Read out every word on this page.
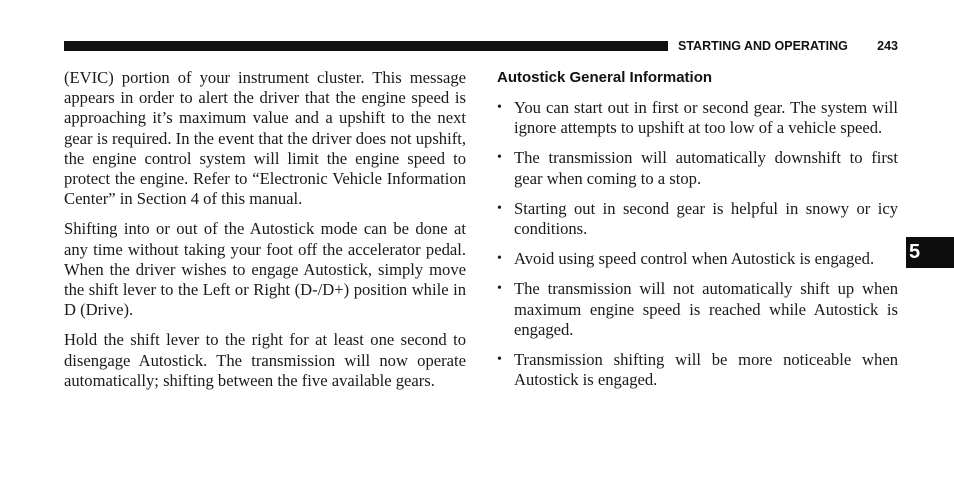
STARTING AND OPERATING 243

(EVIC) portion of your instrument cluster. This message appears in order to alert the driver that the engine speed is approaching it’s maximum value and a upshift to the next gear is required. In the event that the driver does not upshift, the engine control system will limit the engine speed to protect the engine. Refer to “Electronic Vehicle Information Center” in Section 4 of this manual.

Shifting into or out of the Autostick mode can be done at any time without taking your foot off the accelerator pedal. When the driver wishes to engage Autostick, simply move the shift lever to the Left or Right (D-/D+) position while in D (Drive).

Hold the shift lever to the right for at least one second to disengage Autostick. The transmission will now operate automatically; shifting between the five available gears.

Autostick General Information
• You can start out in first or second gear. The system will ignore attempts to upshift at too low of a vehicle speed.
• The transmission will automatically downshift to first gear when coming to a stop.
• Starting out in second gear is helpful in snowy or icy conditions.
• Avoid using speed control when Autostick is engaged.
• The transmission will not automatically shift up when maximum engine speed is reached while Autostick is engaged.
• Transmission shifting will be more noticeable when Autostick is engaged.
5
